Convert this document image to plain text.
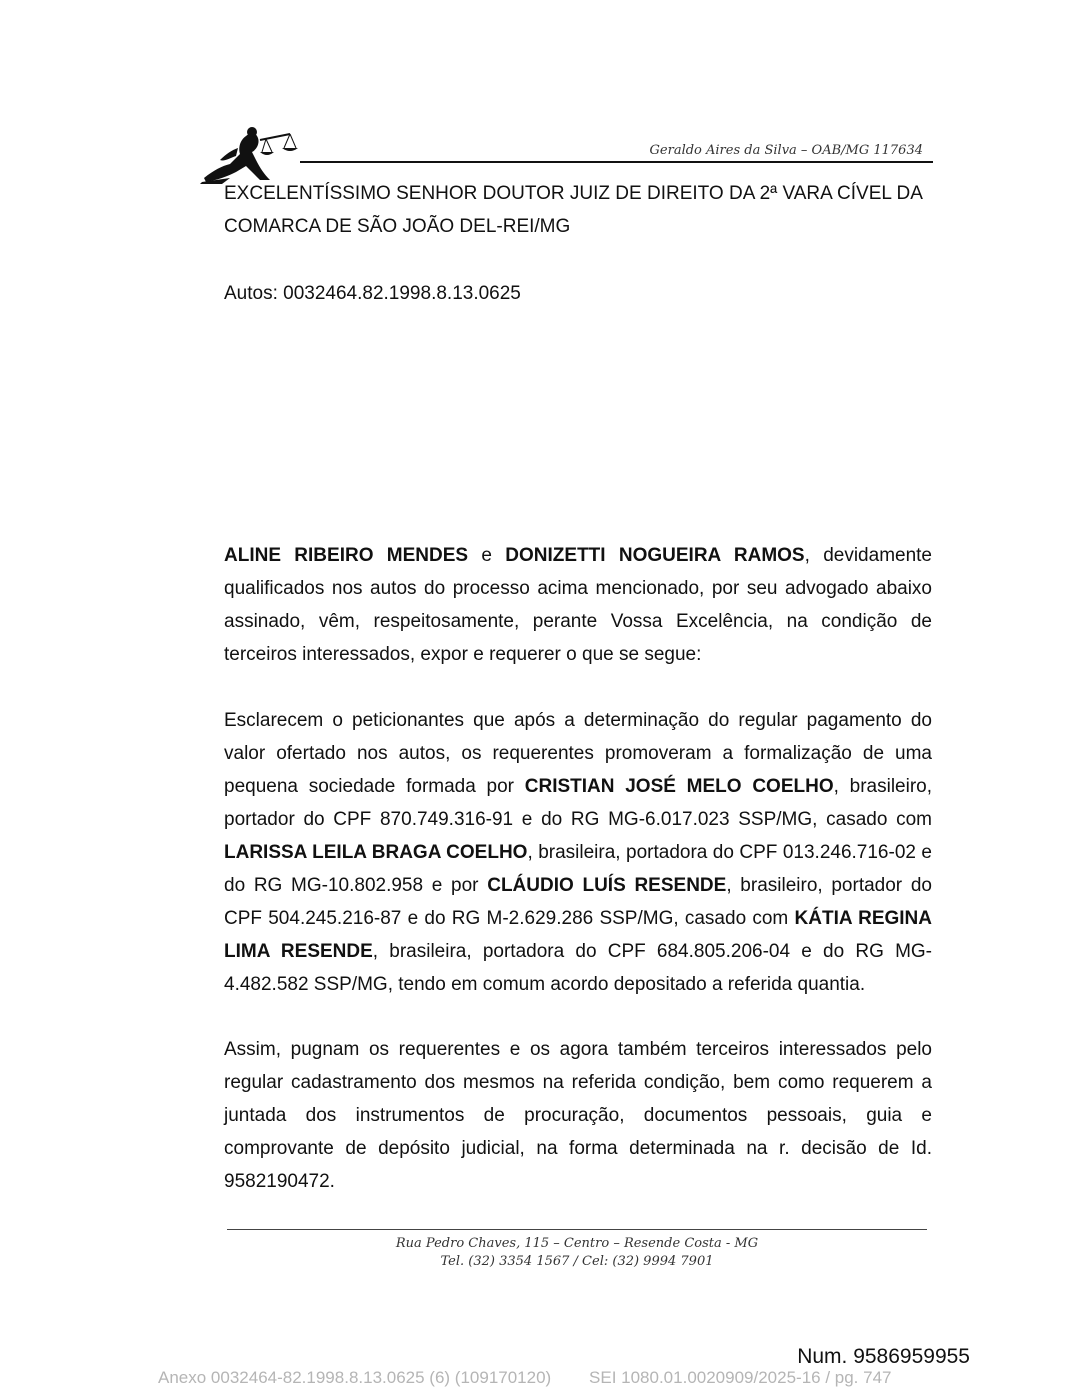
Geraldo Aires da Silva – OAB/MG 117634
EXCELENTÍSSIMO SENHOR DOUTOR JUIZ DE DIREITO DA 2ª VARA CÍVEL DA COMARCA DE SÃO JOÃO DEL-REI/MG
Autos: 0032464.82.1998.8.13.0625

ALINE RIBEIRO MENDES e DONIZETTI NOGUEIRA RAMOS, devidamente qualificados nos autos do processo acima mencionado, por seu advogado abaixo assinado, vêm, respeitosamente, perante Vossa Excelência, na condição de terceiros interessados, expor e requerer o que se segue:

Esclarecem o peticionantes que após a determinação do regular pagamento do valor ofertado nos autos, os requerentes promoveram a formalização de uma pequena sociedade formada por CRISTIAN JOSÉ MELO COELHO, brasileiro, portador do CPF 870.749.316-91 e do RG MG-6.017.023 SSP/MG, casado com LARISSA LEILA BRAGA COELHO, brasileira, portadora do CPF 013.246.716-02 e do RG MG-10.802.958 e por CLÁUDIO LUÍS RESENDE, brasileiro, portador do CPF 504.245.216-87 e do RG M-2.629.286 SSP/MG, casado com KÁTIA REGINA LIMA RESENDE, brasileira, portadora do CPF 684.805.206-04 e do RG MG-4.482.582 SSP/MG, tendo em comum acordo depositado a referida quantia.

Assim, pugnam os requerentes e os agora também terceiros interessados pelo regular cadastramento dos mesmos na referida condição, bem como requerem a juntada dos instrumentos de procuração, documentos pessoais, guia e comprovante de depósito judicial, na forma determinada na r. decisão de Id. 9582190472.

Rua Pedro Chaves, 115 – Centro – Resende Costa - MG
Tel. (32) 3354 1567 / Cel: (32) 9994 7901
Num. 9586959955
Anexo 0032464-82.1998.8.13.0625 (6) (109170120) SEI 1080.01.0020909/2025-16 / pg. 747
